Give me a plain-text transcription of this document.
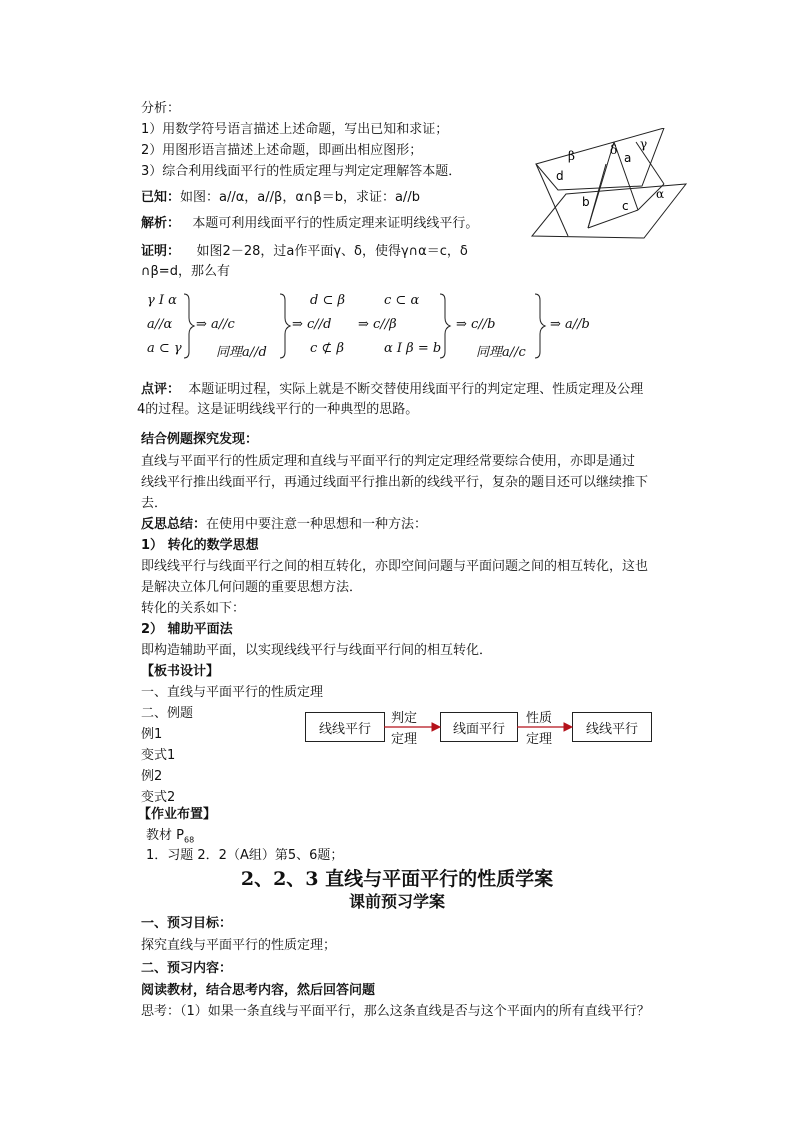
分析：
1）用数学符号语言描述上述命题，写出已知和求证；
2）用图形语言描述上述命题，即画出相应图形；
3）综合利用线面平行的性质定理与判定定理解答本题．
已知：如图：a//α，a//β，α∩β＝b，求证：a//b
解析： 本题可利用线面平行的性质定理来证明线线平行。
证明： 如图2－28，过a作平面γ、δ，使得γ∩α＝c，δ
∩β=d，那么有
β	δ γ
a
d
b	c
α
γ I α
a//α
a ⊂ γ
⇒ a//c
同理a//d
d ⊂ β
⇒ c//d
c ⊄ β
c ⊂ α
⇒ c//β
α I β = b
⇒ c//b
同理a//c
⇒ a//b
点评： 本题证明过程，实际上就是不断交替使用线面平行的判定定理、性质定理及公理
4的过程。这是证明线线平行的一种典型的思路。
结合例题探究发现：
直线与平面平行的性质定理和直线与平面平行的判定定理经常要综合使用，亦即是通过
线线平行推出线面平行，再通过线面平行推出新的线线平行，复杂的题目还可以继续推下
去．
反思总结：在使用中要注意一种思想和一种方法：
1） 转化的数学思想
即线线平行与线面平行之间的相互转化，亦即空间问题与平面问题之间的相互转化，这也
是解决立体几何问题的重要思想方法．
转化的关系如下：
2） 辅助平面法
即构造辅助平面，以实现线线平行与线面平行间的相互转化．
【板书设计】
一、直线与平面平行的性质定理
二、例题
例1
变式1
例2
变式2
线线平行	线面平行	线线平行
判定
定理
性质
定理
【作业布置】
教材 $P_{68}$
1．习题 2．2（A组）第5、6题；
2、2、3 直线与平面平行的性质学案
课前预习学案
一、预习目标：
探究直线与平面平行的性质定理；
二、预习内容：
阅读教材，结合思考内容，然后回答问题
思考：（1）如果一条直线与平面平行，那么这条直线是否与这个平面内的所有直线平行？
